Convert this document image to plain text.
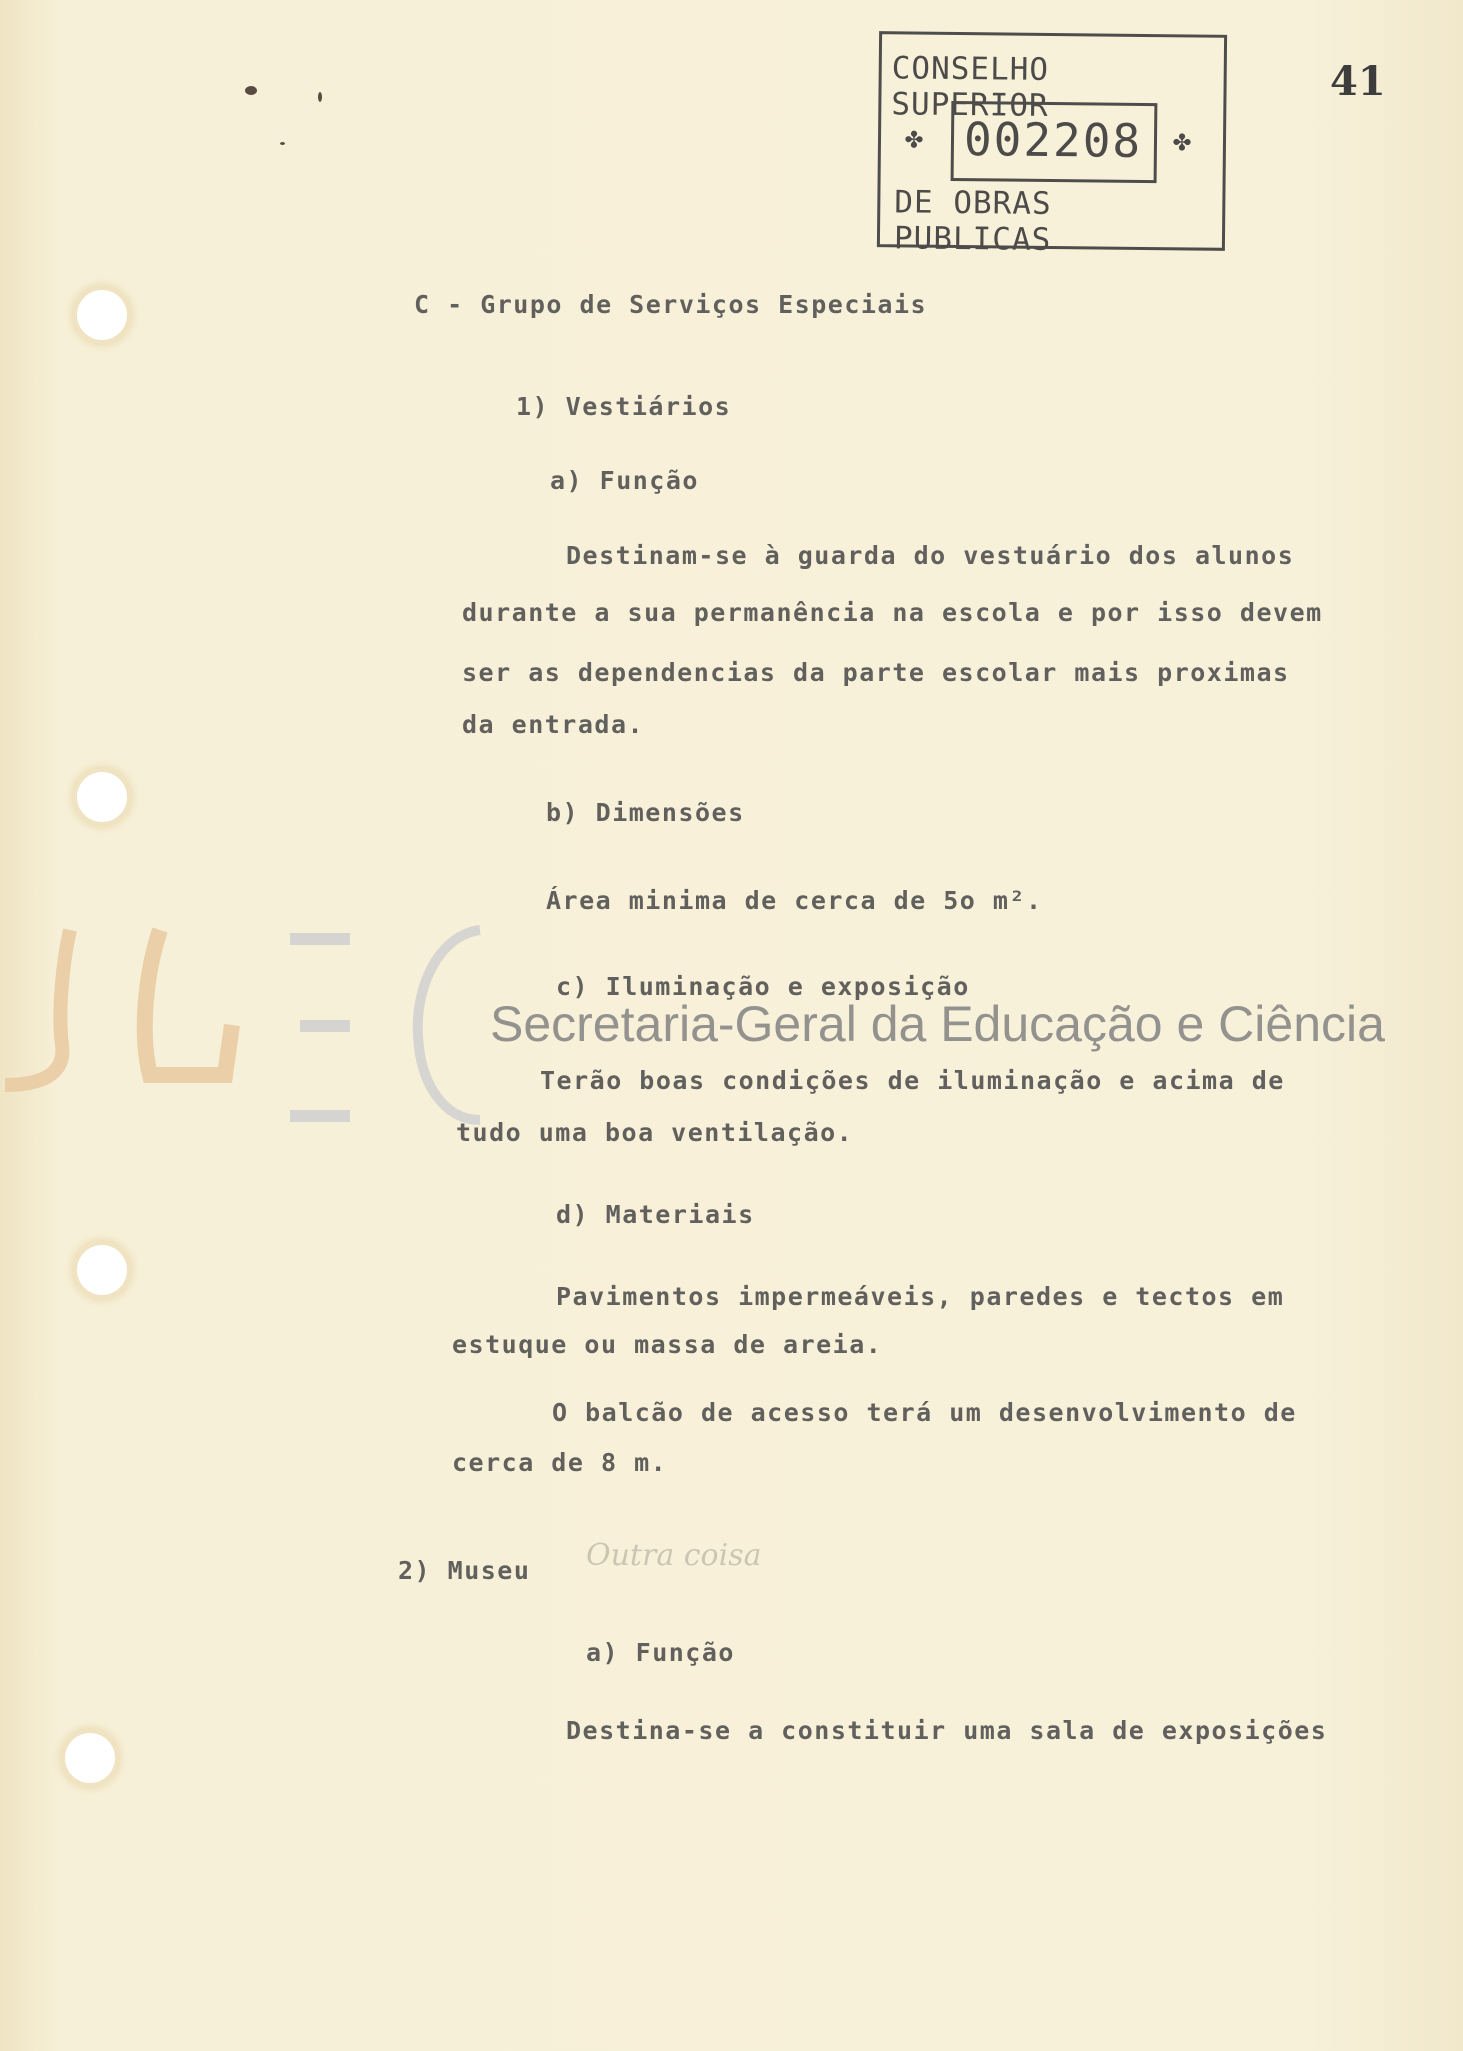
CONSELHO SUPERIOR
✤ 002208 ✤
DE OBRAS PUBLICAS
41
Outra coisa
C - Grupo de Serviços Especiais
1) Vestiários
a) Função
Destinam-se à guarda do vestuário dos alunos
durante a sua permanência na escola e por isso devem
ser as dependencias da parte escolar mais proximas
da entrada.
b) Dimensões
Área minima de cerca de 5o m².
c) Iluminação e exposição
Terão boas condições de iluminação e acima de
tudo uma boa ventilação.
d) Materiais
Pavimentos impermeáveis, paredes e tectos em
estuque ou massa de areia.
O balcão de acesso terá um desenvolvimento de
cerca de 8 m.
2) Museu
a) Função
Destina-se a constituir uma sala de exposições
Secretaria-Geral da Educação e Ciência
